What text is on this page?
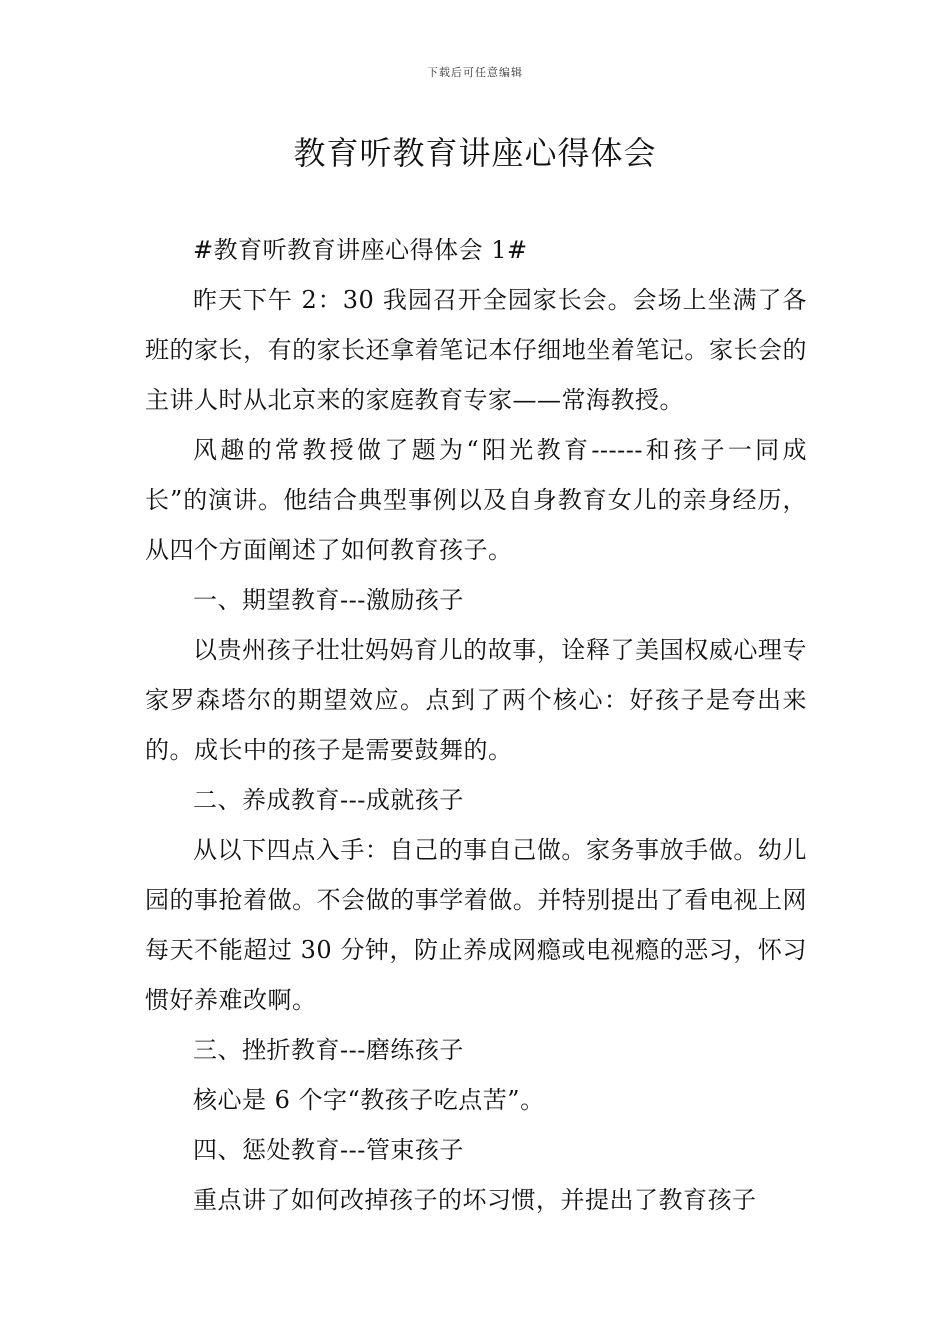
下载后可任意编辑
教育听教育讲座心得体会

#教育听教育讲座心得体会 1#

昨天下午 2：30 我园召开全园家长会。会场上坐满了各班的家长，有的家长还拿着笔记本仔细地坐着笔记。家长会的主讲人时从北京来的家庭教育专家——常海教授。

风趣的常教授做了题为“阳光教育------和孩子一同成长”的演讲。他结合典型事例以及自身教育女儿的亲身经历，从四个方面阐述了如何教育孩子。

一、期望教育---激励孩子

以贵州孩子壮壮妈妈育儿的故事，诠释了美国权威心理专家罗森塔尔的期望效应。点到了两个核心：好孩子是夸出来的。成长中的孩子是需要鼓舞的。

二、养成教育---成就孩子

从以下四点入手：自己的事自己做。家务事放手做。幼儿园的事抢着做。不会做的事学着做。并特别提出了看电视上网每天不能超过 30 分钟，防止养成网瘾或电视瘾的恶习，怀习惯好养难改啊。

三、挫折教育---磨练孩子

核心是 6 个字“教孩子吃点苦”。

四、惩处教育---管束孩子

重点讲了如何改掉孩子的坏习惯，并提出了教育孩子
